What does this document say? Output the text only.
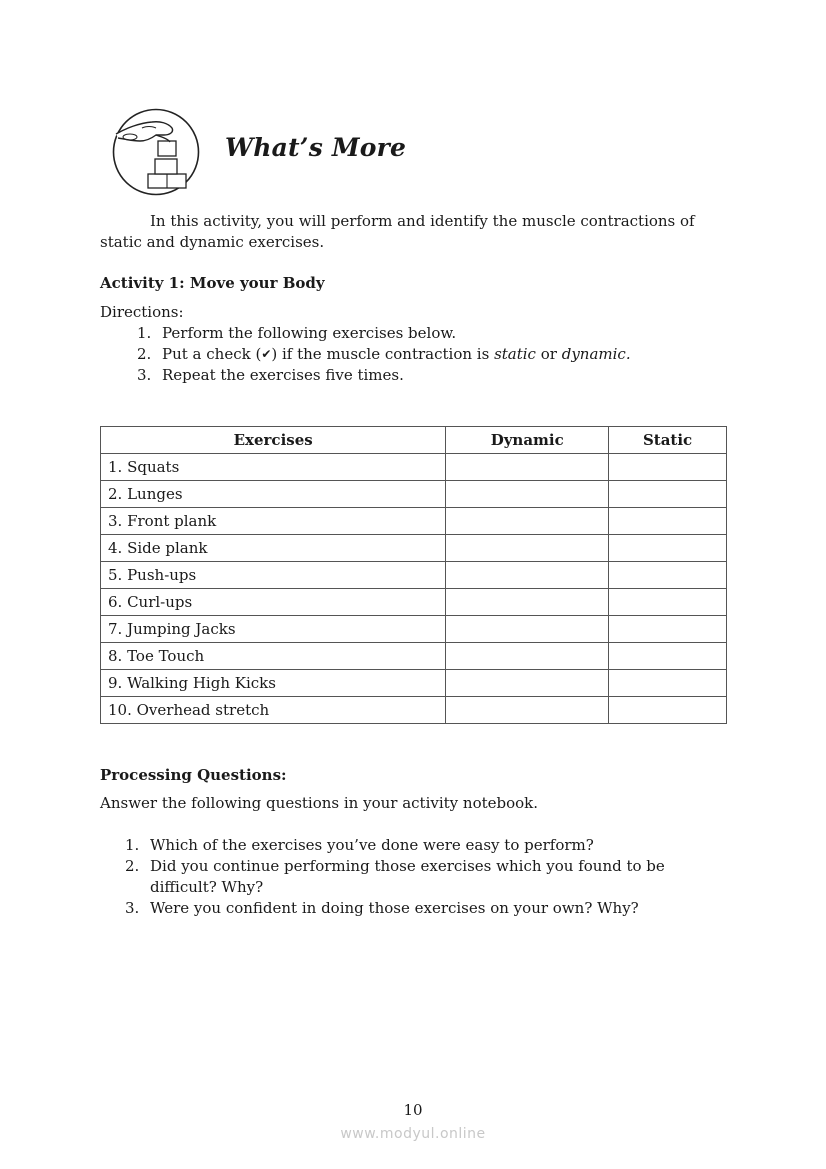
What’s More
In this activity, you will perform and identify the muscle contractions of static and dynamic exercises.
Activity 1: Move your Body
Directions:
1. Perform the following exercises below.
2. Put a check (✔) if the muscle contraction is static or dynamic.
3. Repeat the exercises five times.
Exercises	Dynamic	Static
1. Squats		
2. Lunges		
3. Front plank		
4. Side plank		
5. Push-ups		
6. Curl-ups		
7. Jumping Jacks		
8. Toe Touch		
9. Walking High Kicks		
10. Overhead stretch		
Processing Questions:
Answer the following questions in your activity notebook.
1. Which of the exercises you’ve done were easy to perform?
2. Did you continue performing those exercises which you found to be difficult? Why?
3. Were you confident in doing those exercises on your own? Why?
10
www.modyul.online
